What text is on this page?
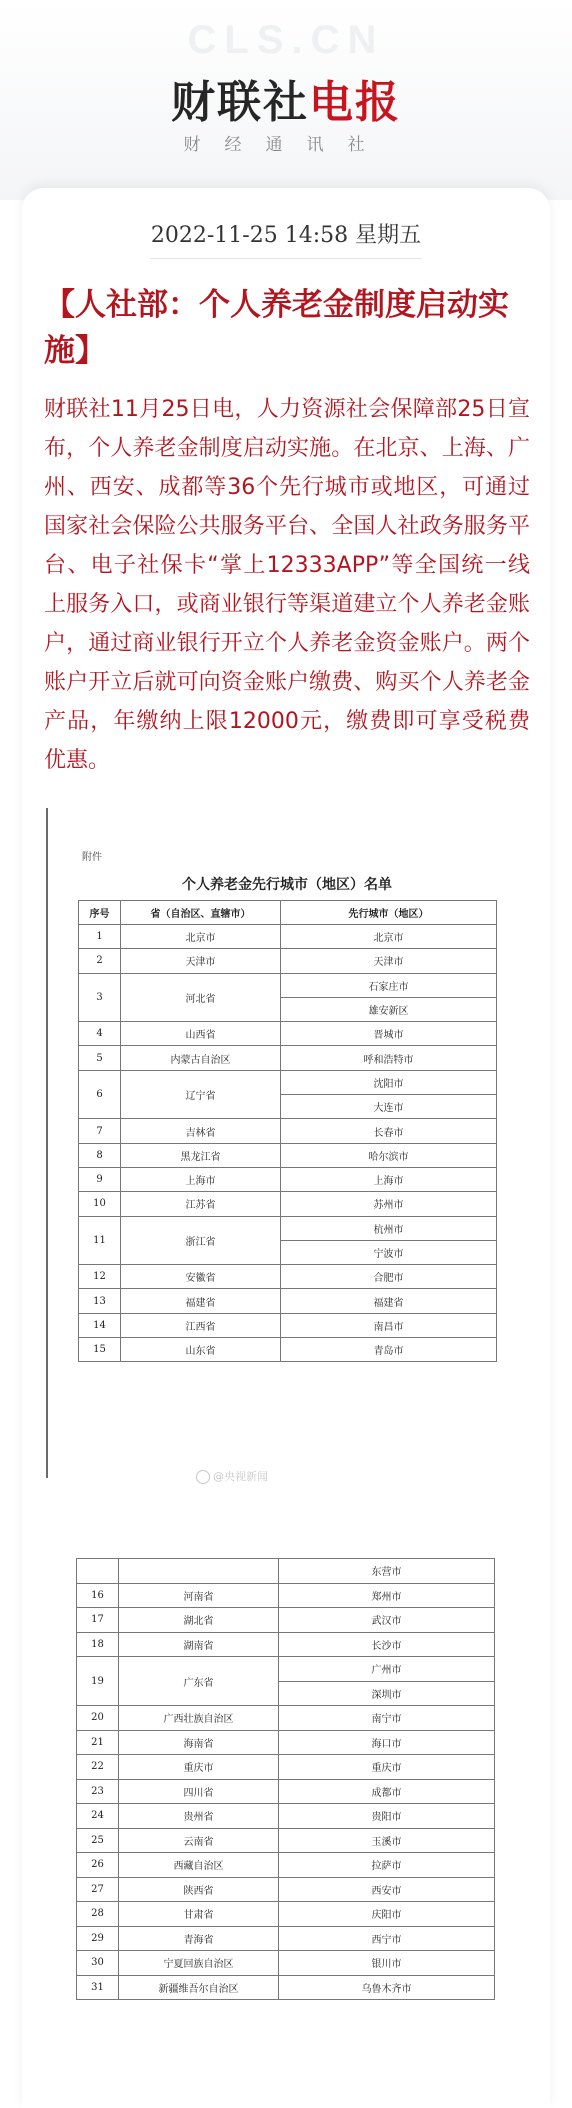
CLS.CN
财联社电报
财经通讯社
2022-11-25 14:58 星期五
【人社部：个人养老金制度启动实施】

财联社11月25日电，人力资源社会保障部25日宣布，个人养老金制度启动实施。在北京、上海、广州、西安、成都等36个先行城市或地区，可通过国家社会保险公共服务平台、全国人社政务服务平台、电子社保卡“掌上12333APP”等全国统一线上服务入口，或商业银行等渠道建立个人养老金账户，通过商业银行开立个人养老金资金账户。两个账户开立后就可向资金账户缴费、购买个人养老金产品，年缴纳上限12000元，缴费即可享受税费优惠。

附件
个人养老金先行城市（地区）名单
序号	省（自治区、直辖市）	先行城市（地区）
1	北京市	北京市
2	天津市	天津市
3	河北省	石家庄市
		雄安新区
4	山西省	晋城市
5	内蒙古自治区	呼和浩特市
6	辽宁省	沈阳市
		大连市
7	吉林省	长春市
8	黑龙江省	哈尔滨市
9	上海市	上海市
10	江苏省	苏州市
11	浙江省	杭州市
		宁波市
12	安徽省	合肥市
13	福建省	福建省
14	江西省	南昌市
15	山东省	青岛市
@央视新闻
		东营市
16	河南省	郑州市
17	湖北省	武汉市
18	湖南省	长沙市
19	广东省	广州市
		深圳市
20	广西壮族自治区	南宁市
21	海南省	海口市
22	重庆市	重庆市
23	四川省	成都市
24	贵州省	贵阳市
25	云南省	玉溪市
26	西藏自治区	拉萨市
27	陕西省	西安市
28	甘肃省	庆阳市
29	青海省	西宁市
30	宁夏回族自治区	银川市
31	新疆维吾尔自治区	乌鲁木齐市
